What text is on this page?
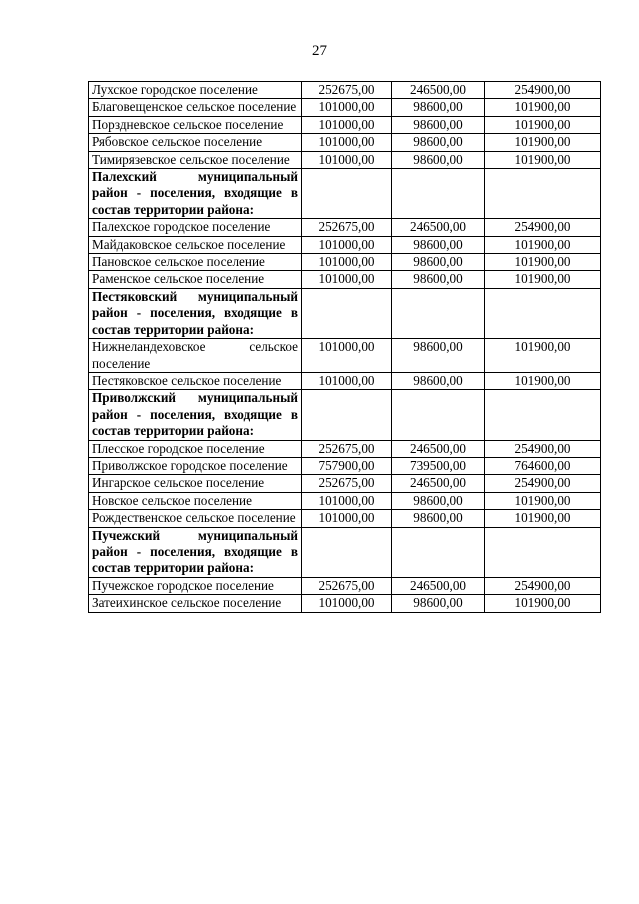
27
Лухское городское поселение	252675,00	246500,00	254900,00
Благовещенское сельское поселение	101000,00	98600,00	101900,00
Порздневское сельское поселение	101000,00	98600,00	101900,00
Рябовское сельское поселение	101000,00	98600,00	101900,00
Тимирязевское сельское поселение	101000,00	98600,00	101900,00
Палехский муниципальный район - поселения, входящие в состав территории района:			
Палехское городское поселение	252675,00	246500,00	254900,00
Майдаковское сельское поселение	101000,00	98600,00	101900,00
Пановское сельское поселение	101000,00	98600,00	101900,00
Раменское сельское поселение	101000,00	98600,00	101900,00
Пестяковский муниципальный район - поселения, входящие в состав территории района:			
Нижнеландеховское сельское поселение	101000,00	98600,00	101900,00
Пестяковское сельское поселение	101000,00	98600,00	101900,00
Приволжский муниципальный район - поселения, входящие в состав территории района:			
Плесское городское поселение	252675,00	246500,00	254900,00
Приволжское городское поселение	757900,00	739500,00	764600,00
Ингарское сельское поселение	252675,00	246500,00	254900,00
Новское сельское поселение	101000,00	98600,00	101900,00
Рождественское сельское поселение	101000,00	98600,00	101900,00
Пучежский муниципальный район - поселения, входящие в состав территории района:			
Пучежское городское поселение	252675,00	246500,00	254900,00
Затеихинское сельское поселение	101000,00	98600,00	101900,00
